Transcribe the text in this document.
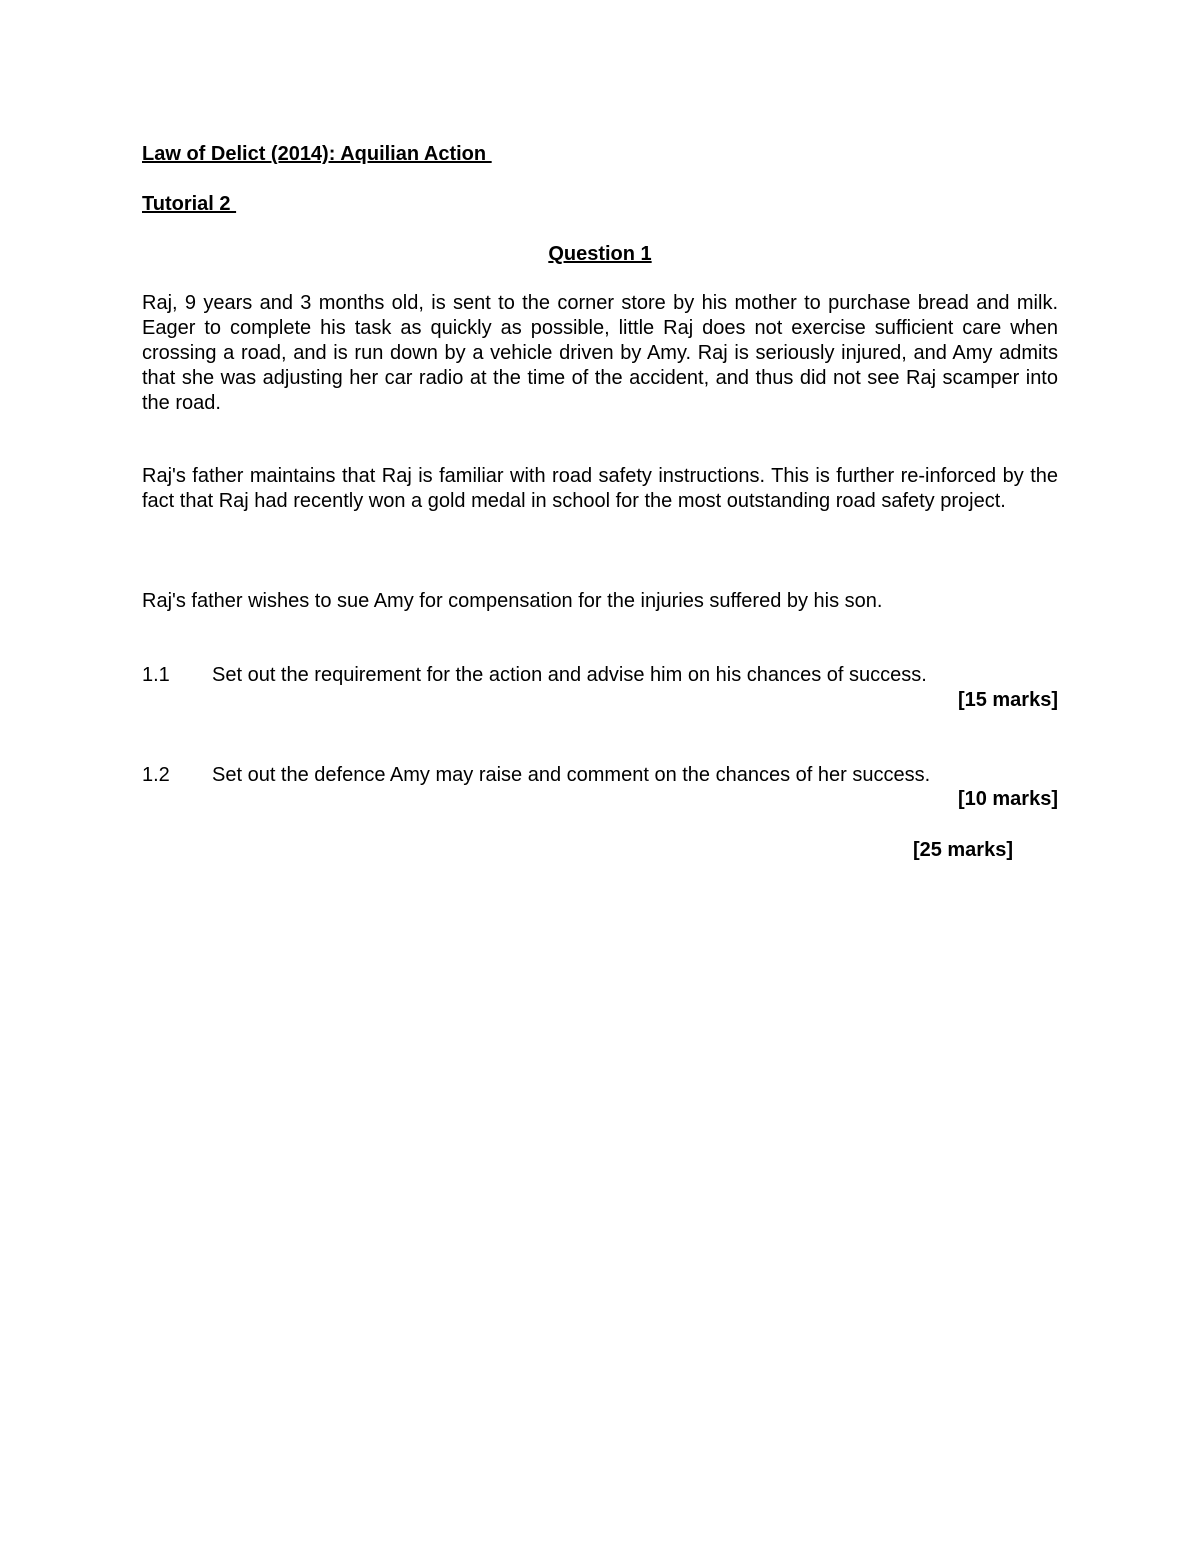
Law of Delict (2014): Aquilian Action
Tutorial 2
Question 1

Raj, 9 years and 3 months old, is sent to the corner store by his mother to purchase bread and milk. Eager to complete his task as quickly as possible, little Raj does not exercise sufficient care when crossing a road, and is run down by a vehicle driven by Amy. Raj is seriously injured, and Amy admits that she was adjusting her car radio at the time of the accident, and thus did not see Raj scamper into the road.

Raj's father maintains that Raj is familiar with road safety instructions. This is further re-inforced by the fact that Raj had recently won a gold medal in school for the most outstanding road safety project.

Raj's father wishes to sue Amy for compensation for the injuries suffered by his son.

1.1 Set out the requirement for the action and advise him on his chances of success.
[15 marks]
1.2 Set out the defence Amy may raise and comment on the chances of her success.
[10 marks]
[25 marks]
